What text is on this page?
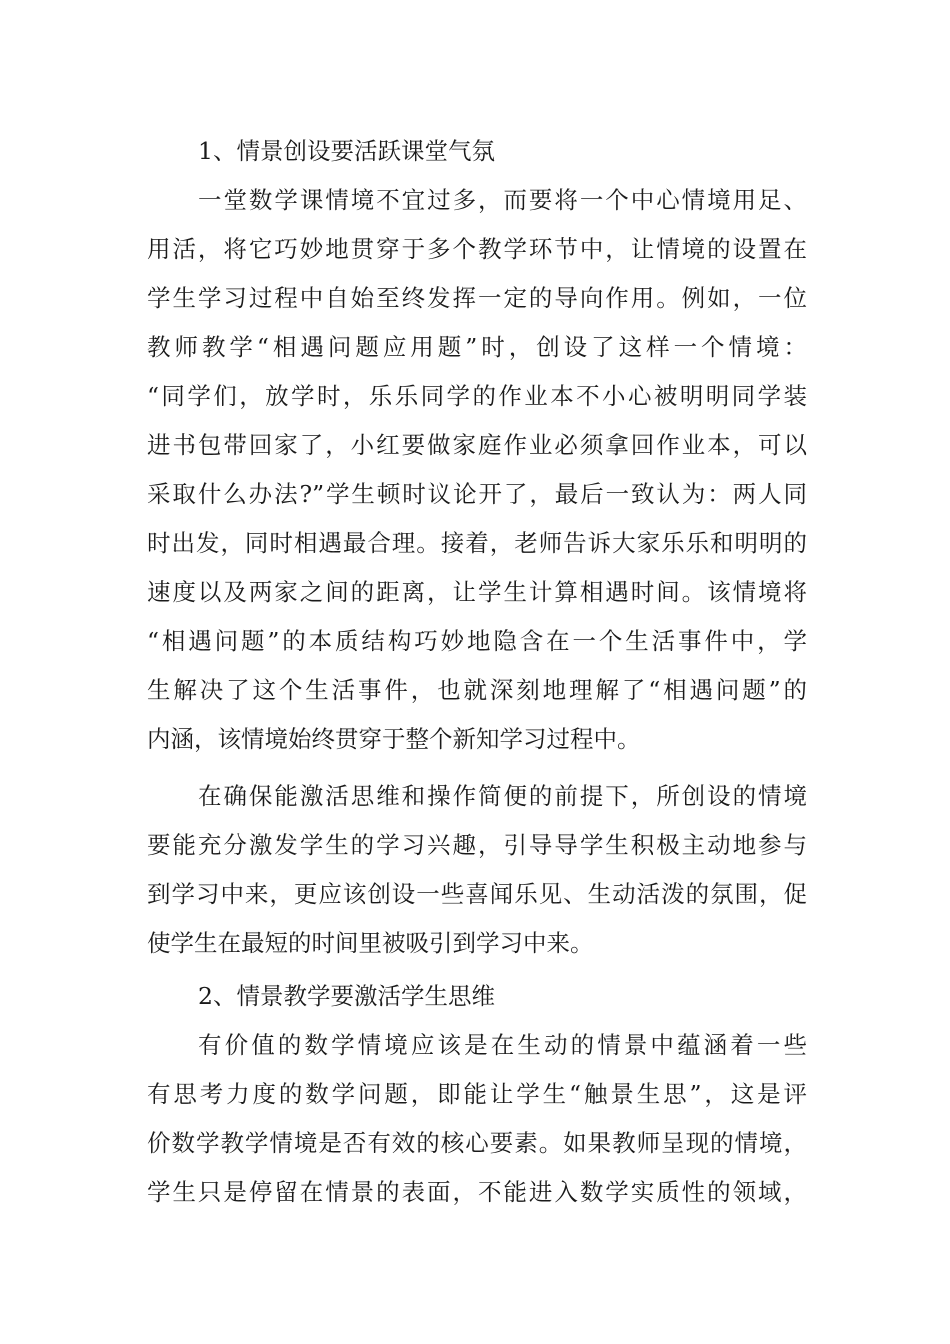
1、情景创设要活跃课堂气氛
一堂数学课情境不宜过多，而要将一个中心情境用足、
用活，将它巧妙地贯穿于多个教学环节中，让情境的设置在
学生学习过程中自始至终发挥一定的导向作用。例如，一位
教师教学“相遇问题应用题”时，创设了这样一个情境：
“同学们，放学时，乐乐同学的作业本不小心被明明同学装
进书包带回家了，小红要做家庭作业必须拿回作业本，可以
采取什么办法?”学生顿时议论开了，最后一致认为：两人同
时出发，同时相遇最合理。接着，老师告诉大家乐乐和明明的
速度以及两家之间的距离，让学生计算相遇时间。该情境将
“相遇问题”的本质结构巧妙地隐含在一个生活事件中，学
生解决了这个生活事件，也就深刻地理解了“相遇问题”的
内涵，该情境始终贯穿于整个新知学习过程中。
在确保能激活思维和操作简便的前提下，所创设的情境
要能充分激发学生的学习兴趣，引导导学生积极主动地参与
到学习中来，更应该创设一些喜闻乐见、生动活泼的氛围，促
使学生在最短的时间里被吸引到学习中来。
2、情景教学要激活学生思维
有价值的数学情境应该是在生动的情景中蕴涵着一些
有思考力度的数学问题，即能让学生“触景生思”，这是评
价数学教学情境是否有效的核心要素。如果教师呈现的情境，
学生只是停留在情景的表面，不能进入数学实质性的领域，
